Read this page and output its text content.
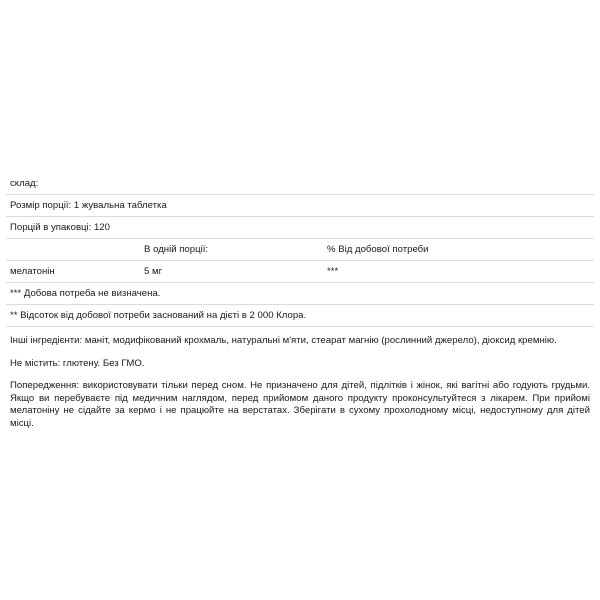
склад:		
Розмір порції: 1 жувальна таблетка		
Порцій в упаковці: 120		
	В одній порції:	% Від добової потреби
мелатонін	5 мг	***
*** Добова потреба не визначена.		
** Відсоток від добової потреби заснований на дієті в 2 000 Клора.		

Інші інгредієнти: маніт, модифікований крохмаль, натуральні м'яти, стеарат магнію (рослинний джерело), діоксид кремнію.

Не містить: глютену. Без ГМО.

Попередження: використовувати тільки перед сном. Не призначено для дітей, підлітків і жінок, які вагітні або годують грудьми. Якщо ви перебуваєте під медичним наглядом, перед прийомом даного продукту проконсультуйтеся з лікарем. При прийомі мелатоніну не сідайте за кермо і не працюйте на верстатах. Зберігати в сухому прохолодному місці, недоступному для дітей місці.
